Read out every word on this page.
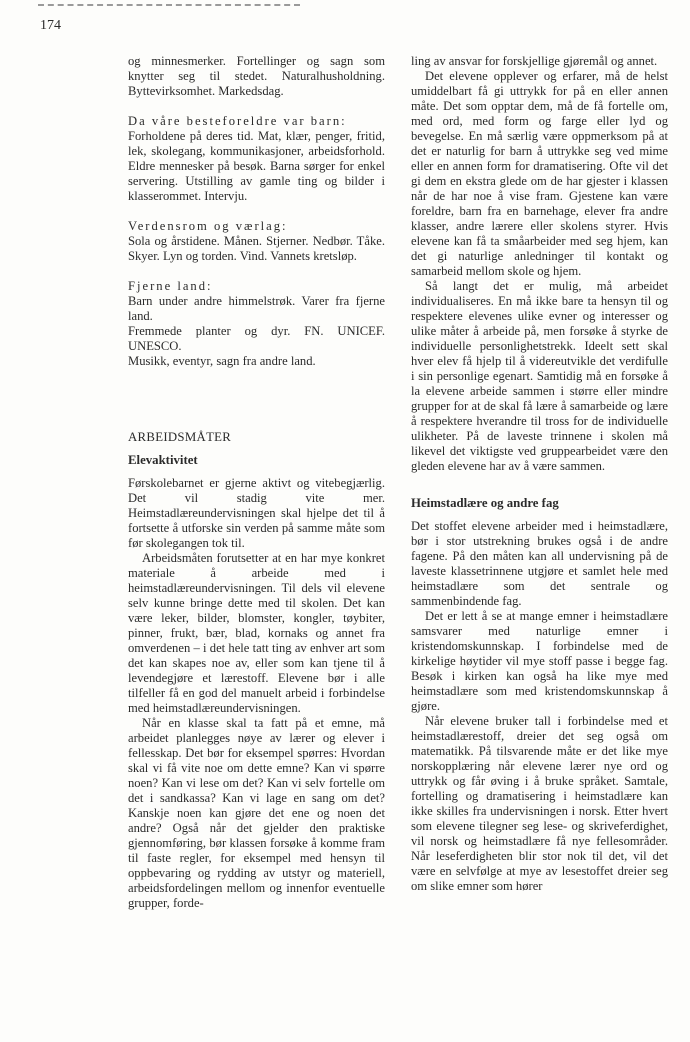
174

og minnesmerker. Fortellinger og sagn som knytter seg til stedet. Naturalhusholdning. Byttevirksomhet. Markedsdag.

Da våre besteforeldre var barn:

Forholdene på deres tid. Mat, klær, penger, fritid, lek, skolegang, kommunikasjoner, arbeidsforhold. Eldre mennesker på besøk. Barna sørger for enkel servering. Utstilling av gamle ting og bilder i klasserommet. Intervju.

Verdensrom og værlag:

Sola og årstidene. Månen. Stjerner. Nedbør. Tåke. Skyer. Lyn og torden. Vind. Vannets kretsløp.

Fjerne land:

Barn under andre himmelstrøk. Varer fra fjerne land.

Fremmede planter og dyr. FN. UNICEF. UNESCO.

Musikk, eventyr, sagn fra andre land.

ARBEIDSMÅTER

Elevaktivitet

Førskolebarnet er gjerne aktivt og vitebegjærlig. Det vil stadig vite mer. Heimstadlæreundervisningen skal hjelpe det til å fortsette å utforske sin verden på samme måte som før skolegangen tok til.

Arbeidsmåten forutsetter at en har mye konkret materiale å arbeide med i heimstadlæreundervisningen. Til dels vil elevene selv kunne bringe dette med til skolen. Det kan være leker, bilder, blomster, kongler, tøybiter, pinner, frukt, bær, blad, kornaks og annet fra omverdenen – i det hele tatt ting av enhver art som det kan skapes noe av, eller som kan tjene til å levendegjøre et lærestoff. Elevene bør i alle tilfeller få en god del manuelt arbeid i forbindelse med heimstadlæreundervisningen.

Når en klasse skal ta fatt på et emne, må arbeidet planlegges nøye av lærer og elever i fellesskap. Det bør for eksempel spørres: Hvordan skal vi få vite noe om dette emne? Kan vi spørre noen? Kan vi lese om det? Kan vi selv fortelle om det i sandkassa? Kan vi lage en sang om det? Kanskje noen kan gjøre det ene og noen det andre? Også når det gjelder den praktiske gjennomføring, bør klassen forsøke å komme fram til faste regler, for eksempel med hensyn til oppbevaring og rydding av utstyr og materiell, arbeidsfordelingen mellom og innenfor eventuelle grupper, forde-

ling av ansvar for forskjellige gjøremål og annet.

Det elevene opplever og erfarer, må de helst umiddelbart få gi uttrykk for på en eller annen måte. Det som opptar dem, må de få fortelle om, med ord, med form og farge eller lyd og bevegelse. En må særlig være oppmerksom på at det er naturlig for barn å uttrykke seg ved mime eller en annen form for dramatisering. Ofte vil det gi dem en ekstra glede om de har gjester i klassen når de har noe å vise fram. Gjestene kan være foreldre, barn fra en barnehage, elever fra andre klasser, andre lærere eller skolens styrer. Hvis elevene kan få ta småarbeider med seg hjem, kan det gi naturlige anledninger til kontakt og samarbeid mellom skole og hjem.

Så langt det er mulig, må arbeidet individualiseres. En må ikke bare ta hensyn til og respektere elevenes ulike evner og interesser og ulike måter å arbeide på, men forsøke å styrke de individuelle personlighetstrekk. Ideelt sett skal hver elev få hjelp til å videreutvikle det verdifulle i sin personlige egenart. Samtidig må en forsøke å la elevene arbeide sammen i større eller mindre grupper for at de skal få lære å samarbeide og lære å respektere hverandre til tross for de individuelle ulikheter. På de laveste trinnene i skolen må likevel det viktigste ved gruppearbeidet være den gleden elevene har av å være sammen.

Heimstadlære og andre fag

Det stoffet elevene arbeider med i heimstadlære, bør i stor utstrekning brukes også i de andre fagene. På den måten kan all undervisning på de laveste klassetrinnene utgjøre et samlet hele med heimstadlære som det sentrale og sammenbindende fag.

Det er lett å se at mange emner i heimstadlære samsvarer med naturlige emner i kristendomskunnskap. I forbindelse med de kirkelige høytider vil mye stoff passe i begge fag. Besøk i kirken kan også ha like mye med heimstadlære som med kristendomskunnskap å gjøre.

Når elevene bruker tall i forbindelse med et heimstadlærestoff, dreier det seg også om matematikk. På tilsvarende måte er det like mye norskopplæring når elevene lærer nye ord og uttrykk og får øving i å bruke språket. Samtale, fortelling og dramatisering i heimstadlære kan ikke skilles fra undervisningen i norsk. Etter hvert som elevene tilegner seg lese- og skriveferdighet, vil norsk og heimstadlære få nye fellesområder. Når leseferdigheten blir stor nok til det, vil det være en selvfølge at mye av lesestoffet dreier seg om slike emner som hører
